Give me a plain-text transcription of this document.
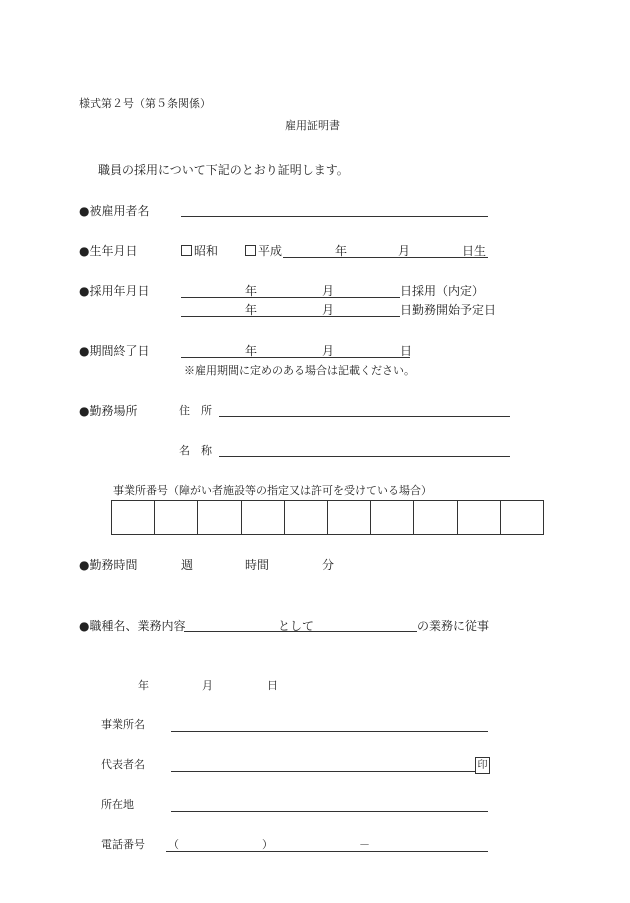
様式第２号（第５条関係）
雇用証明書
職員の採用について下記のとおり証明します。
●被雇用者名
●生年月日	昭和	平成	年	月	日生
●採用年月日	年	月	日採用（内定）
年	月	日勤務開始予定日
●期間終了日	年	月	日
※雇用期間に定めのある場合は記載ください。
●勤務場所	住　所
名　称
事業所番号（障がい者施設等の指定又は許可を受けている場合）
●勤務時間	週	時間	分
●職種名、業務内容	として	の業務に従事
年	月	日
事業所名
代表者名	印
所在地
電話番号 （	）	－
